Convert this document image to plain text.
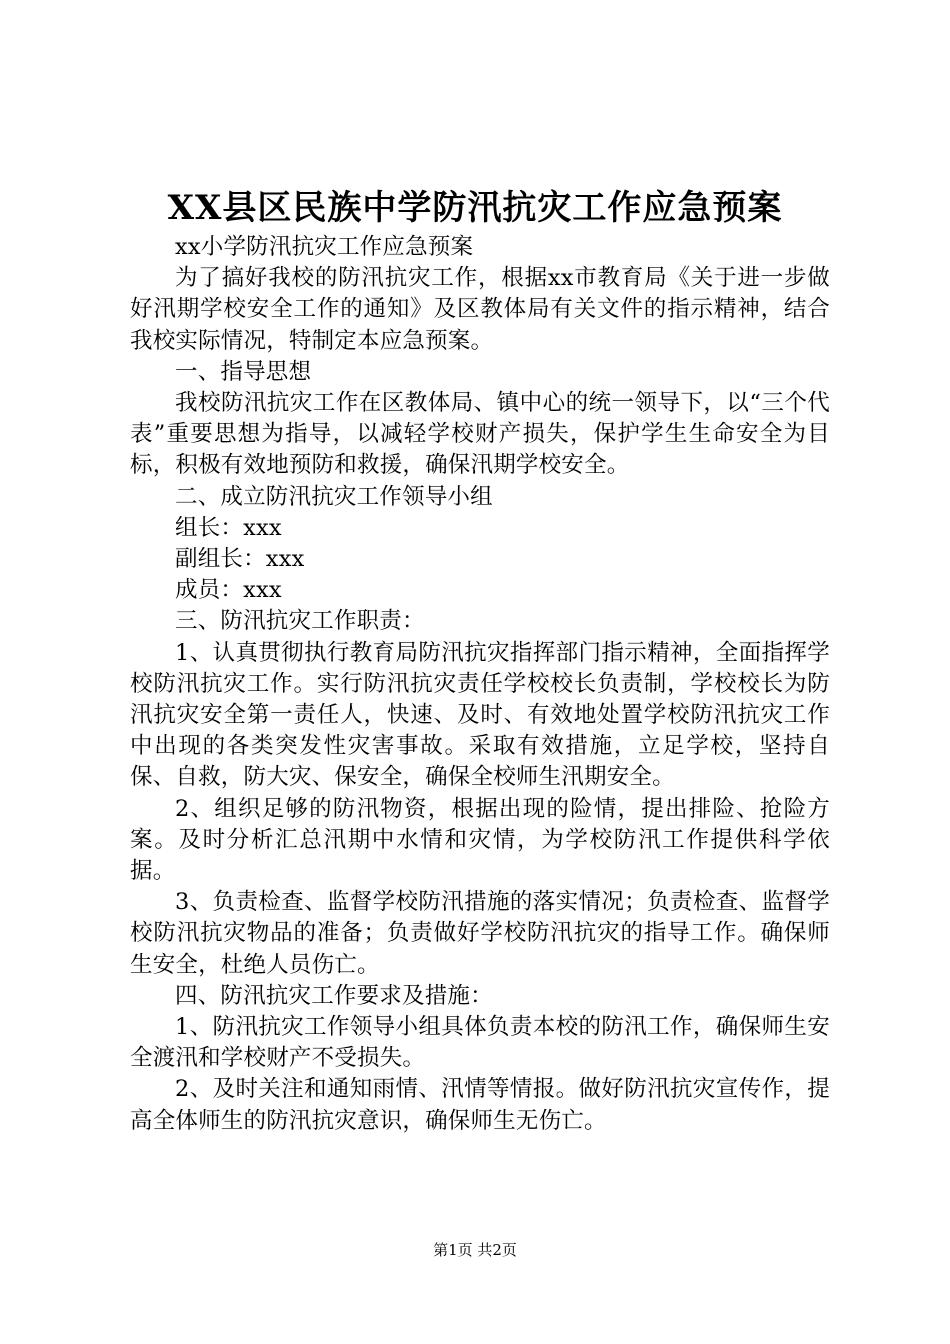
XX县区民族中学防汛抗灾工作应急预案

xx小学防汛抗灾工作应急预案

为了搞好我校的防汛抗灾工作，根据xx市教育局《关于进一步做好汛期学校安全工作的通知》及区教体局有关文件的指示精神，结合我校实际情况，特制定本应急预案。

一、指导思想

我校防汛抗灾工作在区教体局、镇中心的统一领导下，以“三个代表”重要思想为指导，以减轻学校财产损失，保护学生生命安全为目标，积极有效地预防和救援，确保汛期学校安全。

二、成立防汛抗灾工作领导小组

组长：xxx

副组长：xxx

成员：xxx

三、防汛抗灾工作职责：

1、认真贯彻执行教育局防汛抗灾指挥部门指示精神，全面指挥学校防汛抗灾工作。实行防汛抗灾责任学校校长负责制，学校校长为防汛抗灾安全第一责任人，快速、及时、有效地处置学校防汛抗灾工作中出现的各类突发性灾害事故。采取有效措施，立足学校，坚持自保、自救，防大灾、保安全，确保全校师生汛期安全。

2、组织足够的防汛物资，根据出现的险情，提出排险、抢险方案。及时分析汇总汛期中水情和灾情，为学校防汛工作提供科学依据。

3、负责检查、监督学校防汛措施的落实情况；负责检查、监督学校防汛抗灾物品的准备；负责做好学校防汛抗灾的指导工作。确保师生安全，杜绝人员伤亡。

四、防汛抗灾工作要求及措施：

1、防汛抗灾工作领导小组具体负责本校的防汛工作，确保师生安全渡汛和学校财产不受损失。

2、及时关注和通知雨情、汛情等情报。做好防汛抗灾宣传作，提高全体师生的防汛抗灾意识，确保师生无伤亡。

第1页 共2页
